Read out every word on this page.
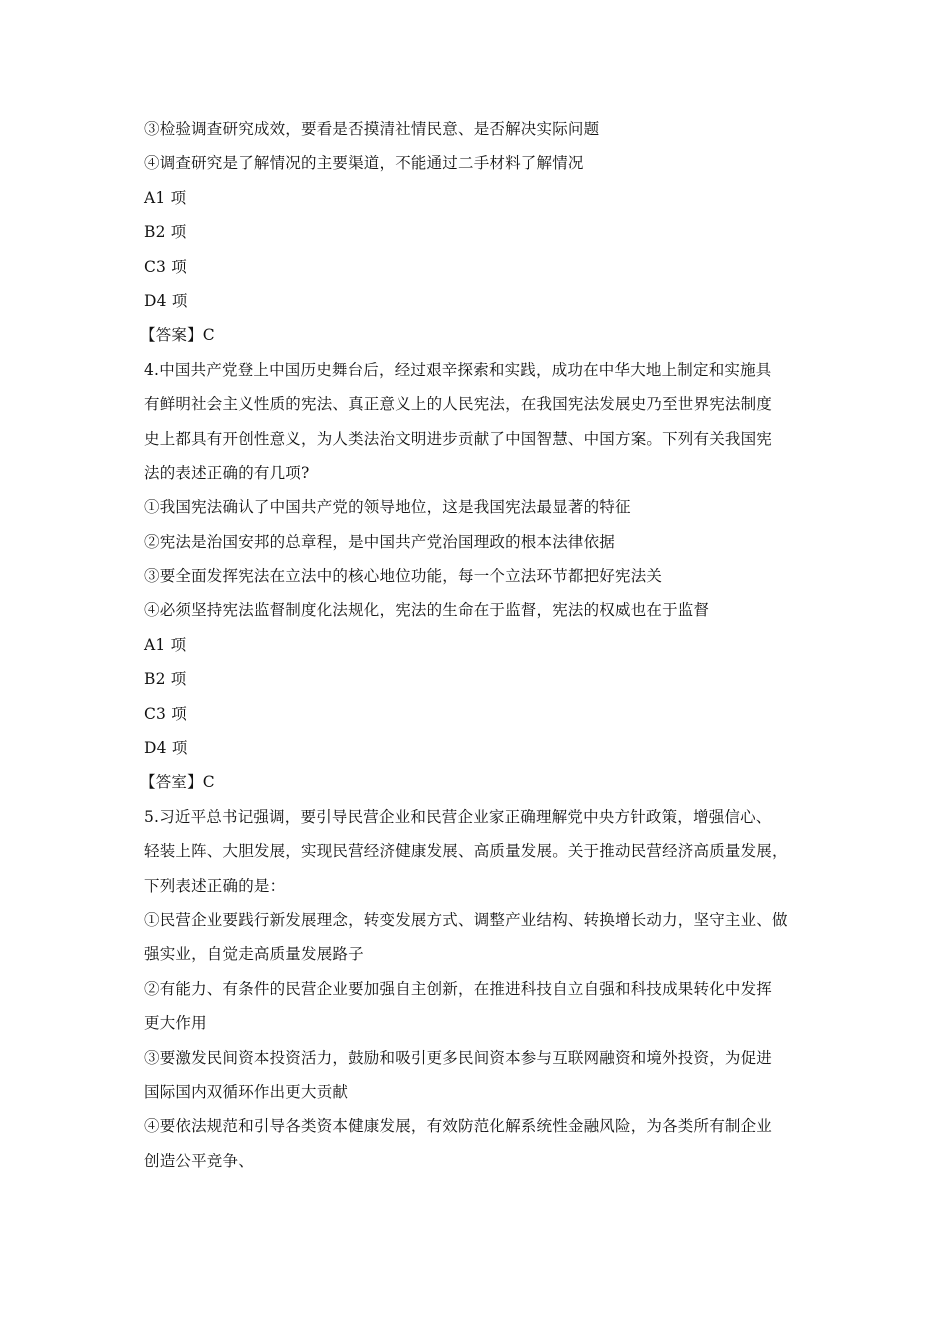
③检验调查研究成效，要看是否摸清社情民意、是否解决实际问题
④调查研究是了解情况的主要渠道，不能通过二手材料了解情况
A1 项
B2 项
C3 项
D4 项
【答案】C
4.中国共产党登上中国历史舞台后，经过艰辛探索和实践，成功在中华大地上制定和实施具
有鲜明社会主义性质的宪法、真正意义上的人民宪法，在我国宪法发展史乃至世界宪法制度
史上都具有开创性意义，为人类法治文明进步贡献了中国智慧、中国方案。下列有关我国宪
法的表述正确的有几项?
①我国宪法确认了中国共产党的领导地位，这是我国宪法最显著的特征
②宪法是治国安邦的总章程，是中国共产党治国理政的根本法律依据
③要全面发挥宪法在立法中的核心地位功能，每一个立法环节都把好宪法关
④必须坚持宪法监督制度化法规化，宪法的生命在于监督，宪法的权威也在于监督
A1 项
B2 项
C3 项
D4 项
【答室】C
5.习近平总书记强调，要引导民营企业和民营企业家正确理解党中央方针政策，增强信心、
轻装上阵、大胆发展，实现民营经济健康发展、高质量发展。关于推动民营经济高质量发展，
下列表述正确的是：
①民营企业要践行新发展理念，转变发展方式、调整产业结构、转换增长动力，坚守主业、做
强实业，自觉走高质量发展路子
②有能力、有条件的民营企业要加强自主创新，在推进科技自立自强和科技成果转化中发挥
更大作用
③要激发民间资本投资活力，鼓励和吸引更多民间资本参与互联网融资和境外投资，为促进
国际国内双循环作出更大贡献
④要依法规范和引导各类资本健康发展，有效防范化解系统性金融风险，为各类所有制企业
创造公平竞争、
